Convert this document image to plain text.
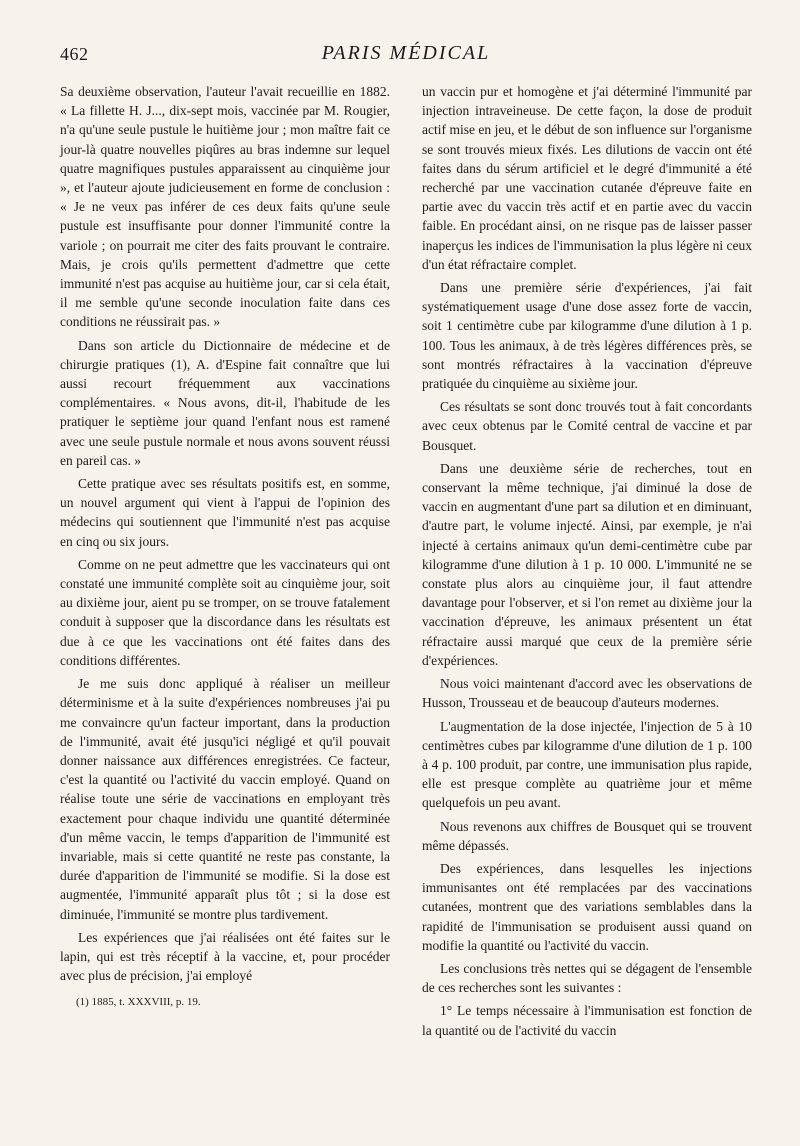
462	PARIS MÉDICAL

Sa deuxième observation, l'auteur l'avait recueillie en 1882. « La fillette H. J..., dix-sept mois, vaccinée par M. Rougier, n'a qu'une seule pustule le huitième jour ; mon maître fait ce jour-là quatre nouvelles piqûres au bras indemne sur lequel quatre magnifiques pustules apparaissent au cinquième jour », et l'auteur ajoute judicieusement en forme de conclusion : « Je ne veux pas inférer de ces deux faits qu'une seule pustule est insuffisante pour donner l'immunité contre la variole ; on pourrait me citer des faits prouvant le contraire. Mais, je crois qu'ils permettent d'admettre que cette immunité n'est pas acquise au huitième jour, car si cela était, il me semble qu'une seconde inoculation faite dans ces conditions ne réussirait pas. »

Dans son article du Dictionnaire de médecine et de chirurgie pratiques (1), A. d'Espine fait connaître que lui aussi recourt fréquemment aux vaccinations complémentaires. « Nous avons, dit-il, l'habitude de les pratiquer le septième jour quand l'enfant nous est ramené avec une seule pustule normale et nous avons souvent réussi en pareil cas. »

Cette pratique avec ses résultats positifs est, en somme, un nouvel argument qui vient à l'appui de l'opinion des médecins qui soutiennent que l'immunité n'est pas acquise en cinq ou six jours.

Comme on ne peut admettre que les vaccinateurs qui ont constaté une immunité complète soit au cinquième jour, soit au dixième jour, aient pu se tromper, on se trouve fatalement conduit à supposer que la discordance dans les résultats est due à ce que les vaccinations ont été faites dans des conditions différentes.

Je me suis donc appliqué à réaliser un meilleur déterminisme et à la suite d'expériences nombreuses j'ai pu me convaincre qu'un facteur important, dans la production de l'immunité, avait été jusqu'ici négligé et qu'il pouvait donner naissance aux différences enregistrées. Ce facteur, c'est la quantité ou l'activité du vaccin employé. Quand on réalise toute une série de vaccinations en employant très exactement pour chaque individu une quantité déterminée d'un même vaccin, le temps d'apparition de l'immunité est invariable, mais si cette quantité ne reste pas constante, la durée d'apparition de l'immunité se modifie. Si la dose est augmentée, l'immunité apparaît plus tôt ; si la dose est diminuée, l'immunité se montre plus tardivement.

Les expériences que j'ai réalisées ont été faites sur le lapin, qui est très réceptif à la vaccine, et, pour procéder avec plus de précision, j'ai employé

(1) 1885, t. XXXVIII, p. 19.

un vaccin pur et homogène et j'ai déterminé l'immunité par injection intraveineuse. De cette façon, la dose de produit actif mise en jeu, et le début de son influence sur l'organisme se sont trouvés mieux fixés. Les dilutions de vaccin ont été faites dans du sérum artificiel et le degré d'immunité a été recherché par une vaccination cutanée d'épreuve faite en partie avec du vaccin très actif et en partie avec du vaccin faible. En procédant ainsi, on ne risque pas de laisser passer inaperçus les indices de l'immunisation la plus légère ni ceux d'un état réfractaire complet.

Dans une première série d'expériences, j'ai fait systématiquement usage d'une dose assez forte de vaccin, soit 1 centimètre cube par kilogramme d'une dilution à 1 p. 100. Tous les animaux, à de très légères différences près, se sont montrés réfractaires à la vaccination d'épreuve pratiquée du cinquième au sixième jour.

Ces résultats se sont donc trouvés tout à fait concordants avec ceux obtenus par le Comité central de vaccine et par Bousquet.

Dans une deuxième série de recherches, tout en conservant la même technique, j'ai diminué la dose de vaccin en augmentant d'une part sa dilution et en diminuant, d'autre part, le volume injecté. Ainsi, par exemple, je n'ai injecté à certains animaux qu'un demi-centimètre cube par kilogramme d'une dilution à 1 p. 10 000. L'immunité ne se constate plus alors au cinquième jour, il faut attendre davantage pour l'observer, et si l'on remet au dixième jour la vaccination d'épreuve, les animaux présentent un état réfractaire aussi marqué que ceux de la première série d'expériences.

Nous voici maintenant d'accord avec les observations de Husson, Trousseau et de beaucoup d'auteurs modernes.

L'augmentation de la dose injectée, l'injection de 5 à 10 centimètres cubes par kilogramme d'une dilution de 1 p. 100 à 4 p. 100 produit, par contre, une immunisation plus rapide, elle est presque complète au quatrième jour et même quelquefois un peu avant.

Nous revenons aux chiffres de Bousquet qui se trouvent même dépassés.

Des expériences, dans lesquelles les injections immunisantes ont été remplacées par des vaccinations cutanées, montrent que des variations semblables dans la rapidité de l'immunisation se produisent aussi quand on modifie la quantité ou l'activité du vaccin.

Les conclusions très nettes qui se dégagent de l'ensemble de ces recherches sont les suivantes :

1° Le temps nécessaire à l'immunisation est fonction de la quantité ou de l'activité du vaccin
